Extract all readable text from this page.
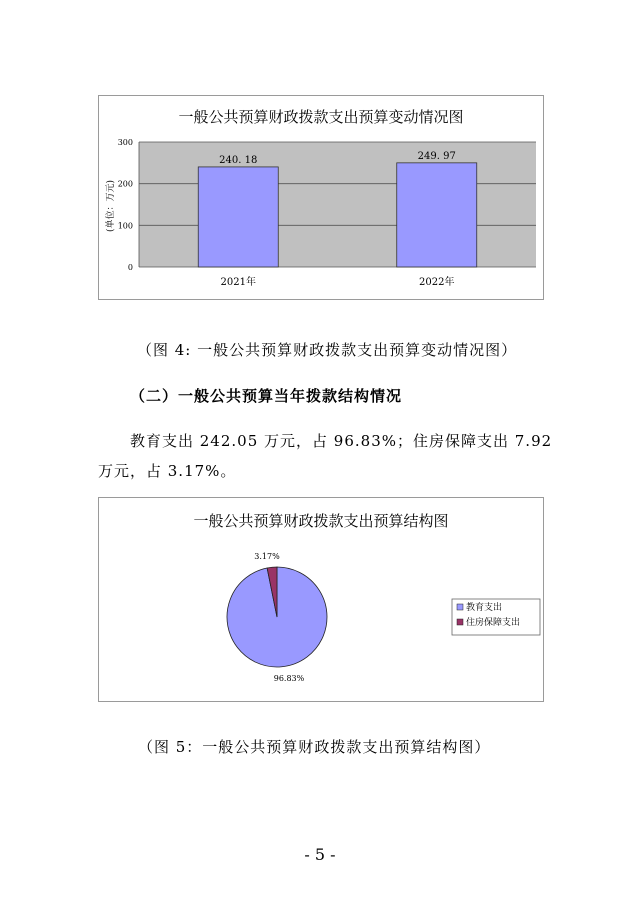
一般公共预算财政拨款支出预算变动情况图
0
100
200
300
240. 18	249. 97
2021年	2022年
(单位：万元)
（图 4: 一般公共预算财政拨款支出预算变动情况图）
（二）一般公共预算当年拨款结构情况
教育支出 242.05 万元，占 96.83%；住房保障支出 7.92
万元，占 3.17%。
一般公共预算财政拨款支出预算结构图
96.83%
3.17%
教育支出
住房保障支出
（图 5：一般公共预算财政拨款支出预算结构图）
- 5 -
